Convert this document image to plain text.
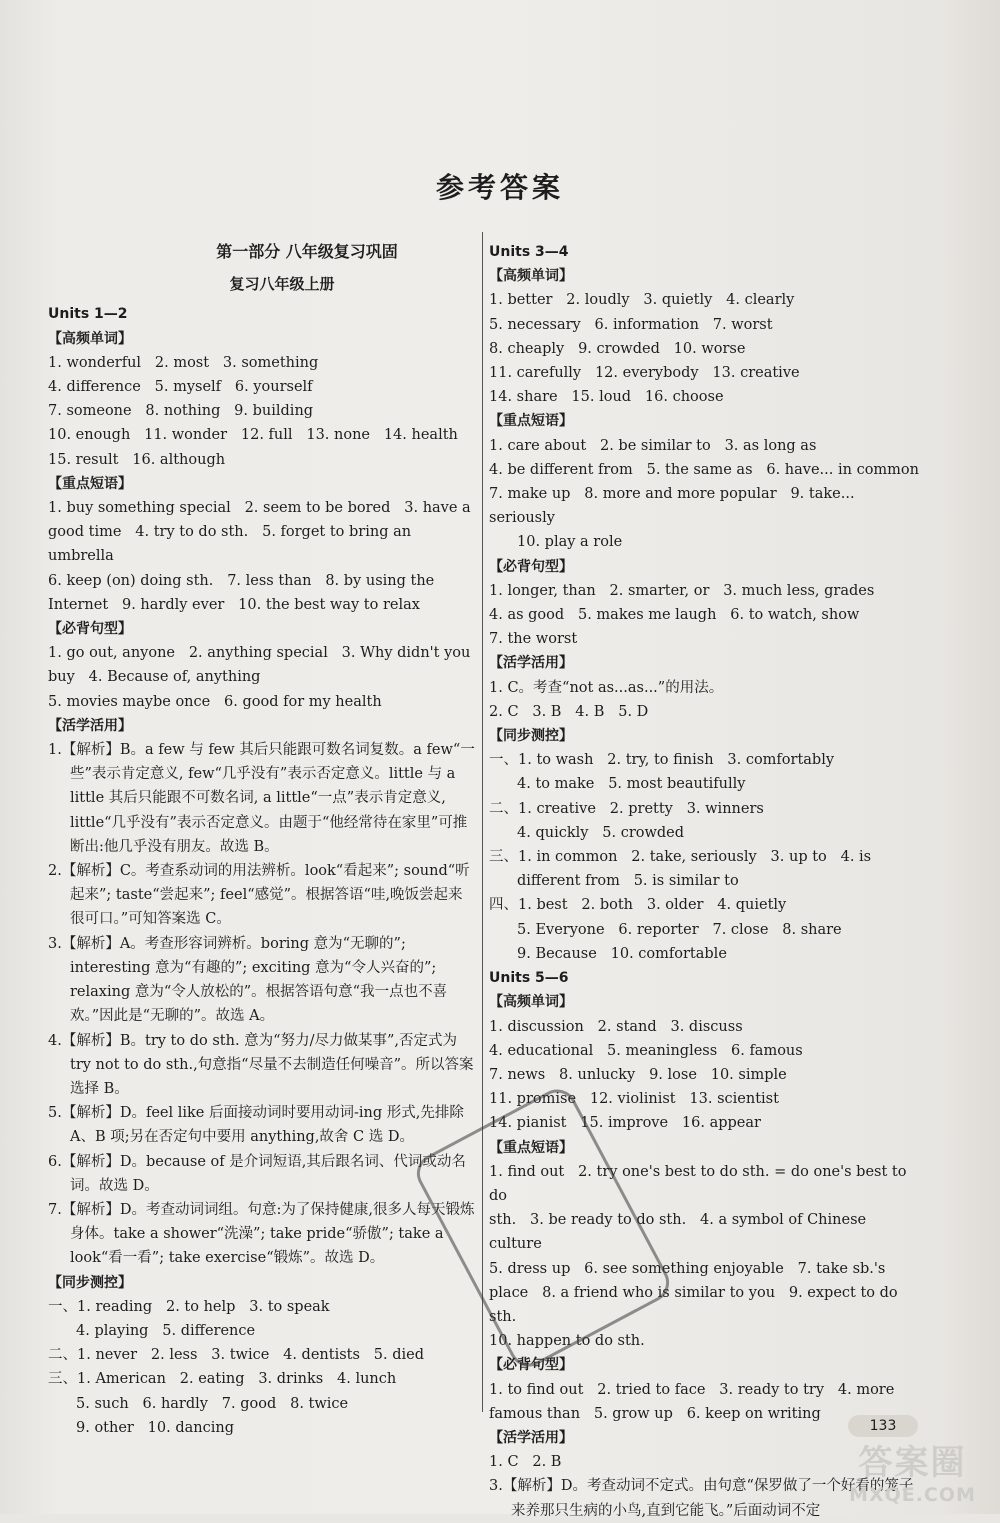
参考答案
第一部分 八年级复习巩固
复习八年级上册
Units 1—2
【高频单词】
1. wonderful   2. most   3. something
4. difference   5. myself   6. yourself
7. someone   8. nothing   9. building
10. enough   11. wonder   12. full   13. none   14. health
15. result   16. although
【重点短语】
1. buy something special   2. seem to be bored   3. have a
good time   4. try to do sth.   5. forget to bring an umbrella
6. keep (on) doing sth.   7. less than   8. by using the
Internet   9. hardly ever   10. the best way to relax
【必背句型】
1. go out, anyone   2. anything special   3. Why didn't you
buy   4. Because of, anything
5. movies maybe once   6. good for my health
【活学活用】
1.【解析】B。a few 与 few 其后只能跟可数名词复数。a few“一些”表示肯定意义, few“几乎没有”表示否定意义。little 与 a little 其后只能跟不可数名词, a little“一点”表示肯定意义, little“几乎没有”表示否定意义。由题于“他经常待在家里”可推断出:他几乎没有朋友。故选 B。
2.【解析】C。考查系动词的用法辨析。look“看起来”; sound“听起来”; taste“尝起来”; feel“感觉”。根据答语“哇,晚饭尝起来很可口。”可知答案选 C。
3.【解析】A。考查形容词辨析。boring 意为“无聊的”; interesting 意为“有趣的”; exciting 意为“令人兴奋的”; relaxing 意为“令人放松的”。根据答语句意“我一点也不喜欢。”因此是“无聊的”。故选 A。
4.【解析】B。try to do sth. 意为“努力/尽力做某事”,否定式为 try not to do sth.,句意指“尽量不去制造任何噪音”。所以答案选择 B。
5.【解析】D。feel like 后面接动词时要用动词-ing 形式,先排除 A、B 项;另在否定句中要用 anything,故舍 C 选 D。
6.【解析】D。because of 是介词短语,其后跟名词、代词或动名词。故选 D。
7.【解析】D。考查动词词组。句意:为了保持健康,很多人每天锻炼身体。take a shower“洗澡”; take pride“骄傲”; take a look“看一看”; take exercise“锻炼”。故选 D。
【同步测控】
一、1. reading   2. to help   3. to speak
4. playing   5. difference
二、1. never   2. less   3. twice   4. dentists   5. died
三、1. American   2. eating   3. drinks   4. lunch
5. such   6. hardly   7. good   8. twice
9. other   10. dancing
Units 3—4
【高频单词】
1. better   2. loudly   3. quietly   4. clearly
5. necessary   6. information   7. worst
8. cheaply   9. crowded   10. worse
11. carefully   12. everybody   13. creative
14. share   15. loud   16. choose
【重点短语】
1. care about   2. be similar to   3. as long as
4. be different from   5. the same as   6. have... in common
7. make up   8. more and more popular   9. take... seriously
10. play a role
【必背句型】
1. longer, than   2. smarter, or   3. much less, grades
4. as good   5. makes me laugh   6. to watch, show
7. the worst
【活学活用】
1. C。考查“not as...as...”的用法。
2. C   3. B   4. B   5. D
【同步测控】
一、1. to wash   2. try, to finish   3. comfortably
4. to make   5. most beautifully
二、1. creative   2. pretty   3. winners
4. quickly   5. crowded
三、1. in common   2. take, seriously   3. up to   4. is
different from   5. is similar to
四、1. best   2. both   3. older   4. quietly
5. Everyone   6. reporter   7. close   8. share
9. Because   10. comfortable
Units 5—6
【高频单词】
1. discussion   2. stand   3. discuss
4. educational   5. meaningless   6. famous
7. news   8. unlucky   9. lose   10. simple
11. promise   12. violinist   13. scientist
14. pianist   15. improve   16. appear
【重点短语】
1. find out   2. try one's best to do sth. = do one's best to do
sth.   3. be ready to do sth.   4. a symbol of Chinese culture
5. dress up   6. see something enjoyable   7. take sb.'s
place   8. a friend who is similar to you   9. expect to do sth.
10. happen to do sth.
【必背句型】
1. to find out   2. tried to face   3. ready to try   4. more
famous than   5. grow up   6. keep on writing
【活学活用】
1. C   2. B
3.【解析】D。考查动词不定式。由句意“保罗做了一个好看的笼子来养那只生病的小鸟,直到它能飞。”后面动词不定
133
答案圈
MXQE.COM
